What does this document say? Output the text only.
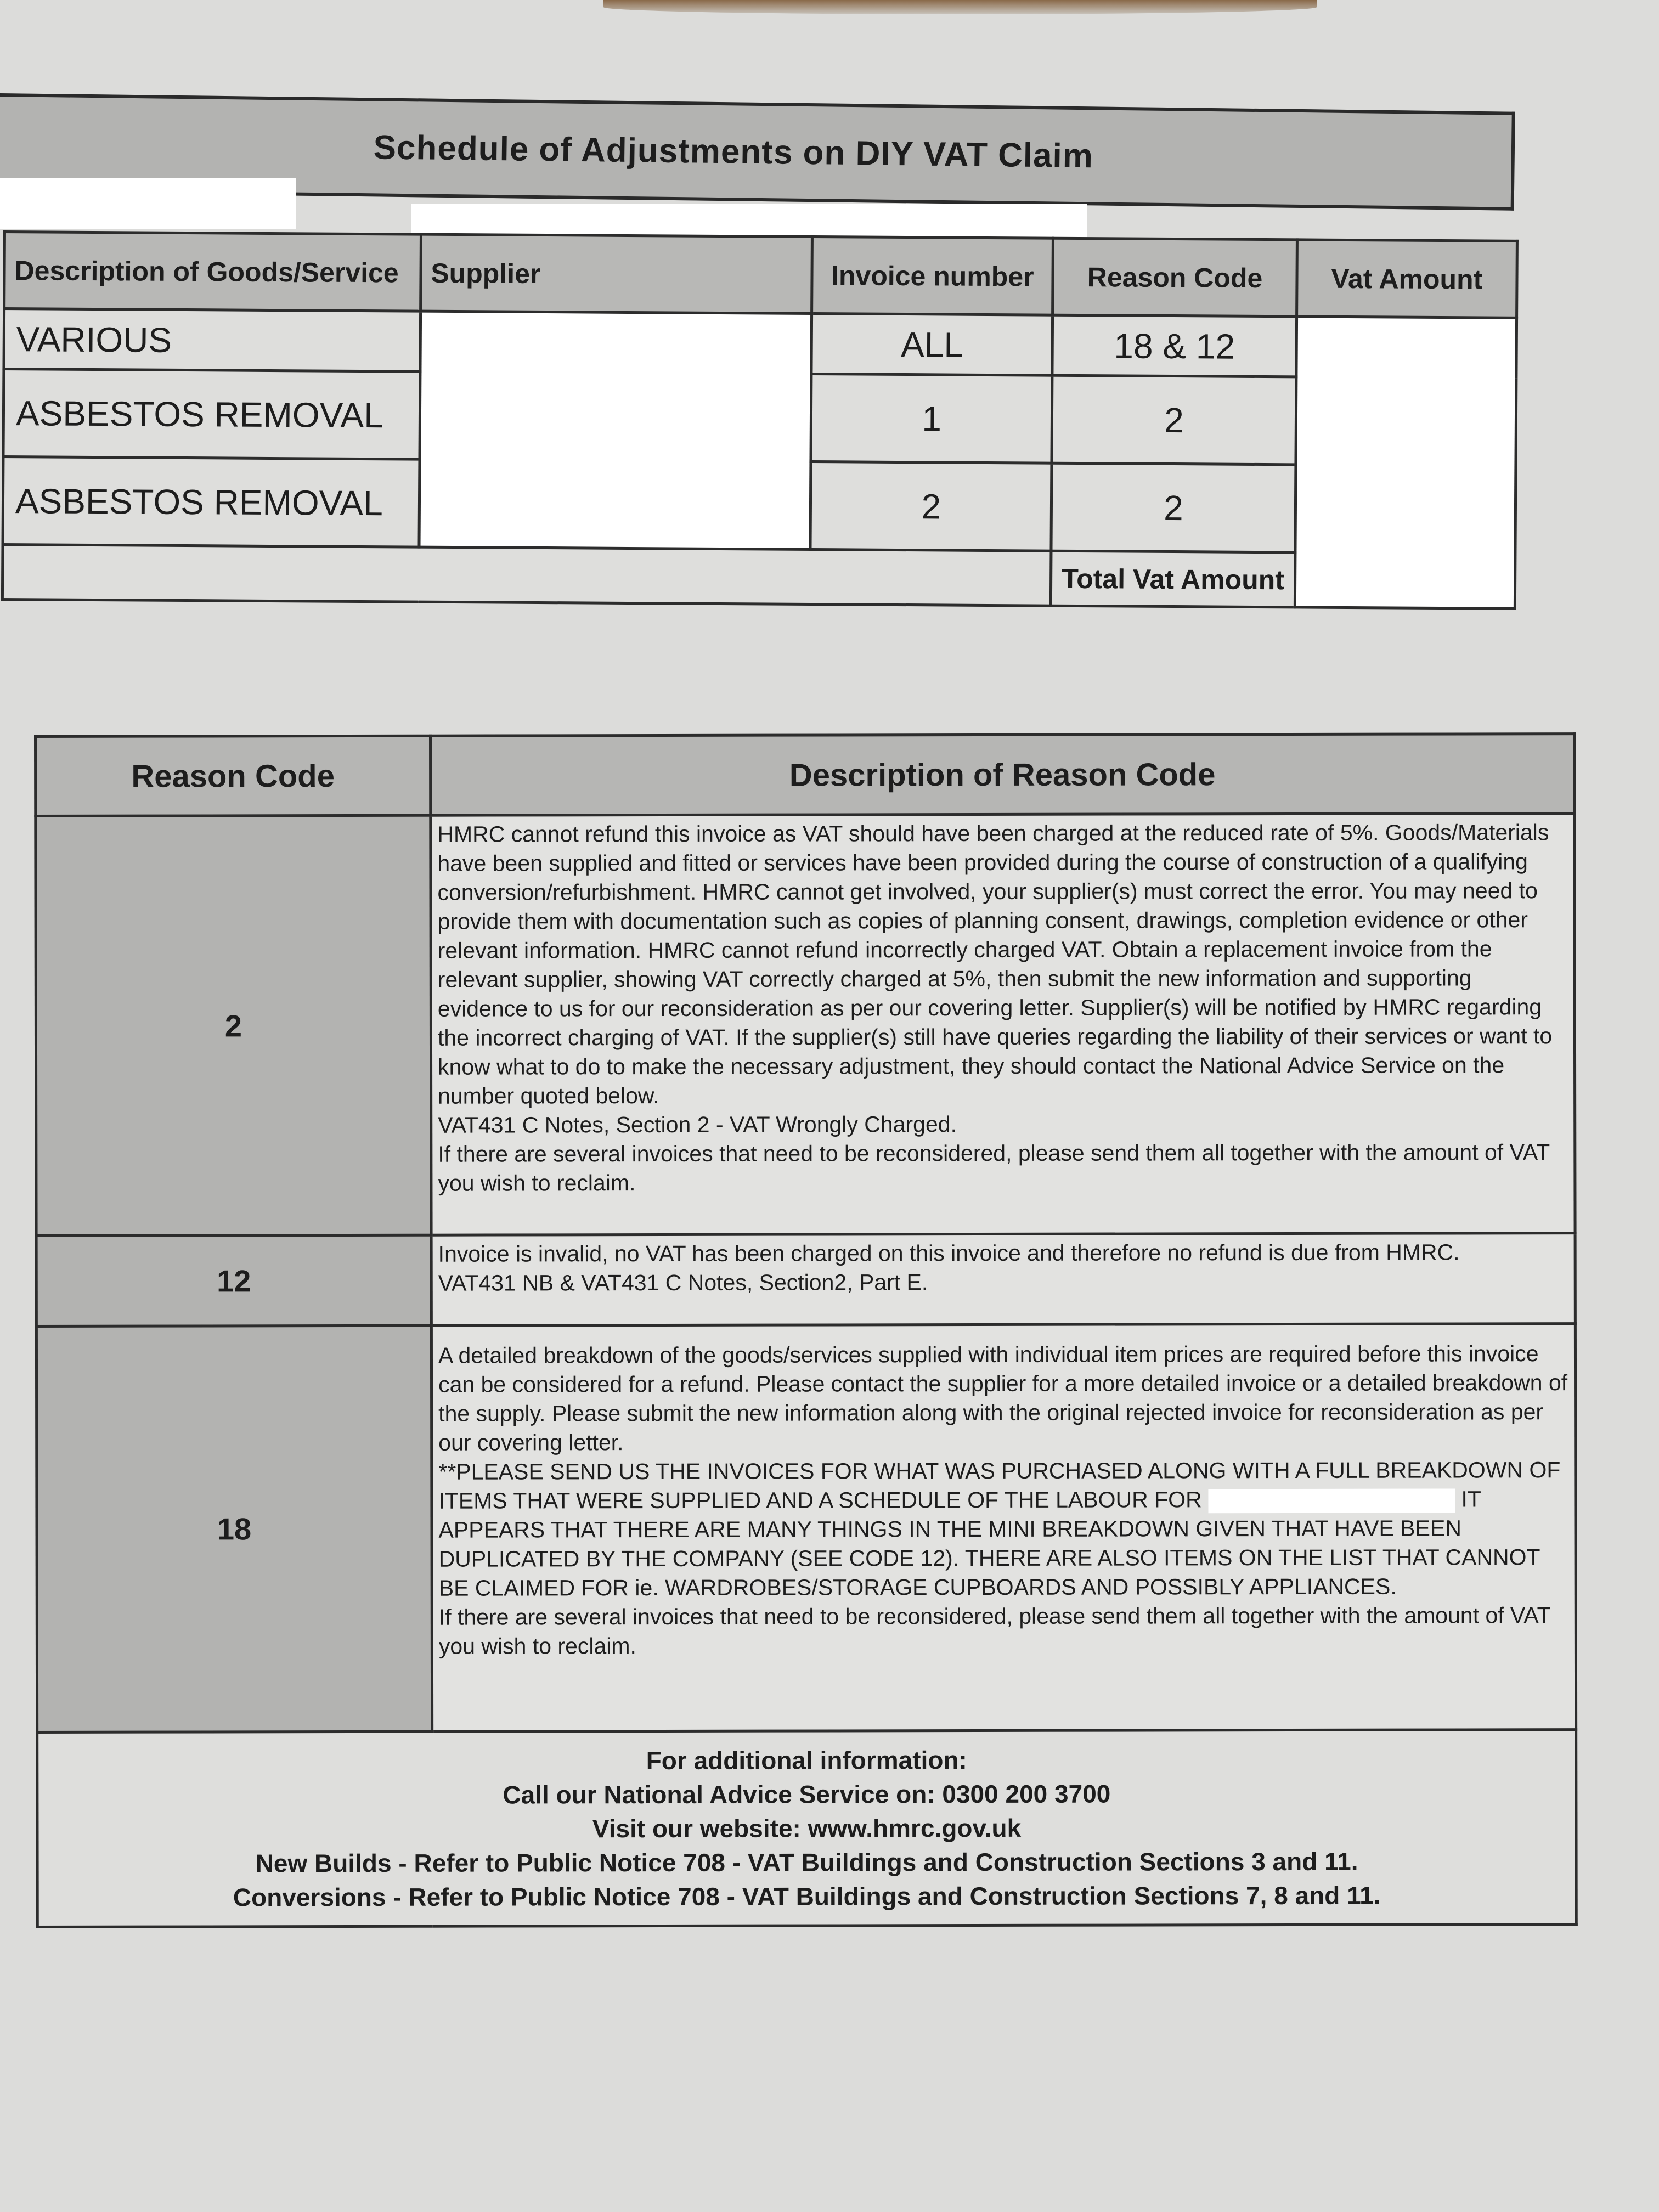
Schedule of Adjustments on DIY VAT Claim
Description of Goods/Service	Supplier	Invoice number	Reason Code	Vat Amount
VARIOUS		ALL	18 & 12	
ASBESTOS REMOVAL		1	2	
ASBESTOS REMOVAL		2	2	
			Total Vat Amount	
Reason Code	Description of Reason Code
2	HMRC cannot refund this invoice as VAT should have been charged at the reduced rate of 5%. Goods/Materials have been supplied and fitted or services have been provided during the course of construction of a qualifying conversion/refurbishment. HMRC cannot get involved, your supplier(s) must correct the error. You may need to provide them with documentation such as copies of planning consent, drawings, completion evidence or other relevant information. HMRC cannot refund incorrectly charged VAT. Obtain a replacement invoice from the relevant supplier, showing VAT correctly charged at 5%, then submit the new information and supporting evidence to us for our reconsideration as per our covering letter. Supplier(s) will be notified by HMRC regarding the incorrect charging of VAT. If the supplier(s) still have queries regarding the liability of their services or want to know what to do to make the necessary adjustment, they should contact the National Advice Service on the number quoted below.

VAT431 C Notes, Section 2 - VAT Wrongly Charged.

If there are several invoices that need to be reconsidered, please send them all together with the amount of VAT you wish to reclaim.

12	Invoice is invalid, no VAT has been charged on this invoice and therefore no refund is due from HMRC.

VAT431 NB & VAT431 C Notes, Section2, Part E.

18	A detailed breakdown of the goods/services supplied with individual item prices are required before this invoice can be considered for a refund. Please contact the supplier for a more detailed invoice or a detailed breakdown of the supply. Please submit the new information along with the original rejected invoice for reconsideration as per our covering letter.

**PLEASE SEND US THE INVOICES FOR WHAT WAS PURCHASED ALONG WITH A FULL BREAKDOWN OF ITEMS THAT WERE SUPPLIED AND A SCHEDULE OF THE LABOUR FOR IT APPEARS THAT THERE ARE MANY THINGS IN THE MINI BREAKDOWN GIVEN THAT HAVE BEEN DUPLICATED BY THE COMPANY (SEE CODE 12). THERE ARE ALSO ITEMS ON THE LIST THAT CANNOT BE CLAIMED FOR ie. WARDROBES/STORAGE CUPBOARDS AND POSSIBLY APPLIANCES.

If there are several invoices that need to be reconsidered, please send them all together with the amount of VAT you wish to reclaim.

For additional information:

Call our National Advice Service on: 0300 200 3700

Visit our website: www.hmrc.gov.uk

New Builds - Refer to Public Notice 708 - VAT Buildings and Construction Sections 3 and 11.

Conversions - Refer to Public Notice 708 - VAT Buildings and Construction Sections 7, 8 and 11.	
